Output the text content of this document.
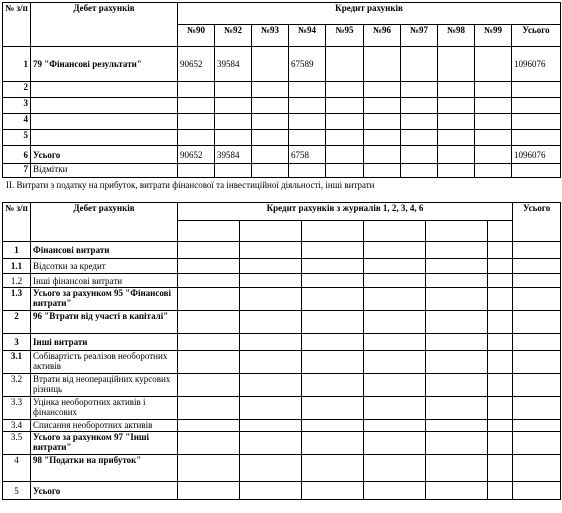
№ з/п	Дебет рахунків	Кредит рахунків									
		№90	№92	№93	№94	№95	№96	№97	№98	№99	Усього
1	79 "Фінансові результати"	90652	39584		67589						1096076
2											
3											
4											
5											
6	Усього	90652	39584		6758						1096076
7	Відмітки										
ІІ. Витрати з податку на прибуток, витрати фінансової та інвестиційної діяльності, інші витрати
№ з/п	Дебет рахунків	Кредит рахунків з журналів 1, 2, 3, 4, 6						Усього

1	Фінансові витрати							
1.1	Відсотки за кредит							
1.2	Інші фінансові витрати							
1.3	Усього за рахунком 95 "Фінансові витрати"							
2	96 "Втрати від участі в капіталі"							
3	Інші витрати							
3.1	Собівартість реалізов необоротних активів							
3.2	Втрати від неопераційних курсових різниць							
3.3	Уцінка необоротних активів і фінансових							
3.4	Списання необоротних активів							
3.5	Усього за рахунком 97 "Інші витрати"							
4	98 "Податки на прибуток"							
5	Усього							
